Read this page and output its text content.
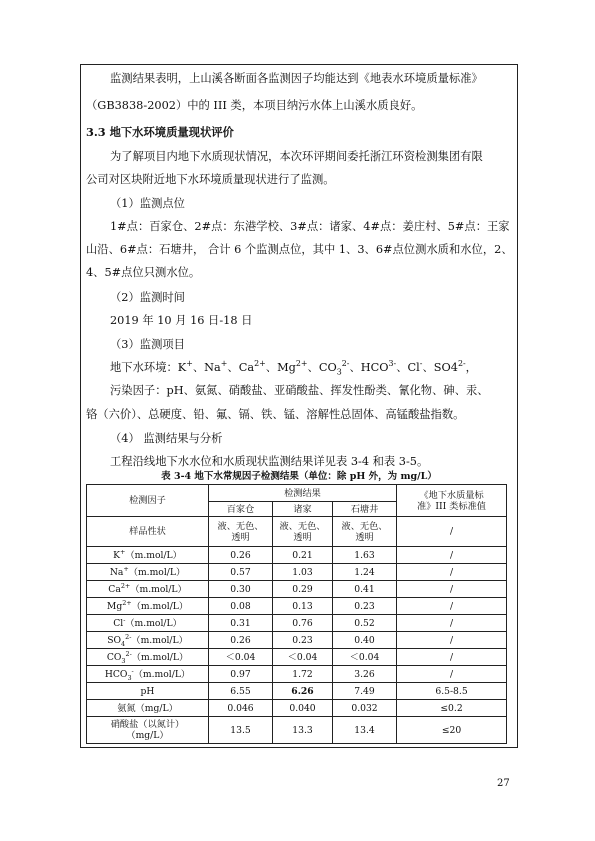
监测结果表明，上山溪各断面各监测因子均能达到《地表水环境质量标准》
（GB3838-2002）中的 III 类，本项目纳污水体上山溪水质良好。
3.3 地下水环境质量现状评价
为了解项目内地下水质现状情况，本次环评期间委托浙江环资检测集团有限
公司对区块附近地下水环境质量现状进行了监测。
（1）监测点位
1#点：百家仓、2#点：东港学校、3#点：诸家、4#点：姜庄村、5#点：王家
山沿、6#点：石塘井， 合计 6 个监测点位，其中 1、3、6#点位测水质和水位，2、
4、5#点位只测水位。
（2）监测时间
2019 年 10 月 16 日-18 日
（3）监测项目
地下水环境：K+、Na+、$Ca^{2+}$、$Mg^{2+}$、$CO_3^{2-}$、$HCO^{3-}$、Cl-、$SO4^{2-}$，
污染因子：pH、氨氮、硝酸盐、亚硝酸盐、挥发性酚类、氰化物、砷、汞、
铬（六价）、总硬度、铅、氟、镉、铁、锰、溶解性总固体、高锰酸盐指数。
（4） 监测结果与分析
工程沿线地下水水位和水质现状监测结果详见表 3-4 和表 3-5。
表 3-4 地下水常规因子检测结果（单位：除 pH 外，为 mg/L）
检测因子	检测结果			《地下水质量标
准》III 类标准值
	百家仓	诸家	石塘井	
样品性状	液、无色、
透明	液、无色、
透明	液、无色、
透明	/
K+（m.mol/L）	0.26	0.21	1.63	/
Na+（m.mol/L）	0.57	1.03	1.24	/
$Ca^{2+}(m.mol/L)$	0.30	0.29	0.41	/
$Mg^{2+}(m.mol/L)$	0.08	0.13	0.23	/
Cl-（m.mol/L）	0.31	0.76	0.52	/
$SO_4^{2-}(m.mol/L)$	0.26	0.23	0.40	/
$CO_3^{2-}(m.mol/L)$	＜0.04	＜0.04	＜0.04	/
$HCO_3^-(m.mol/L)$	0.97	1.72	3.26	/
pH	6.55	6.26	7.49	6.5-8.5
氨氮（mg/L）	0.046	0.040	0.032	≤0.2
硝酸盐（以氮计）
（mg/L）	13.5	13.3	13.4	≤20
27
